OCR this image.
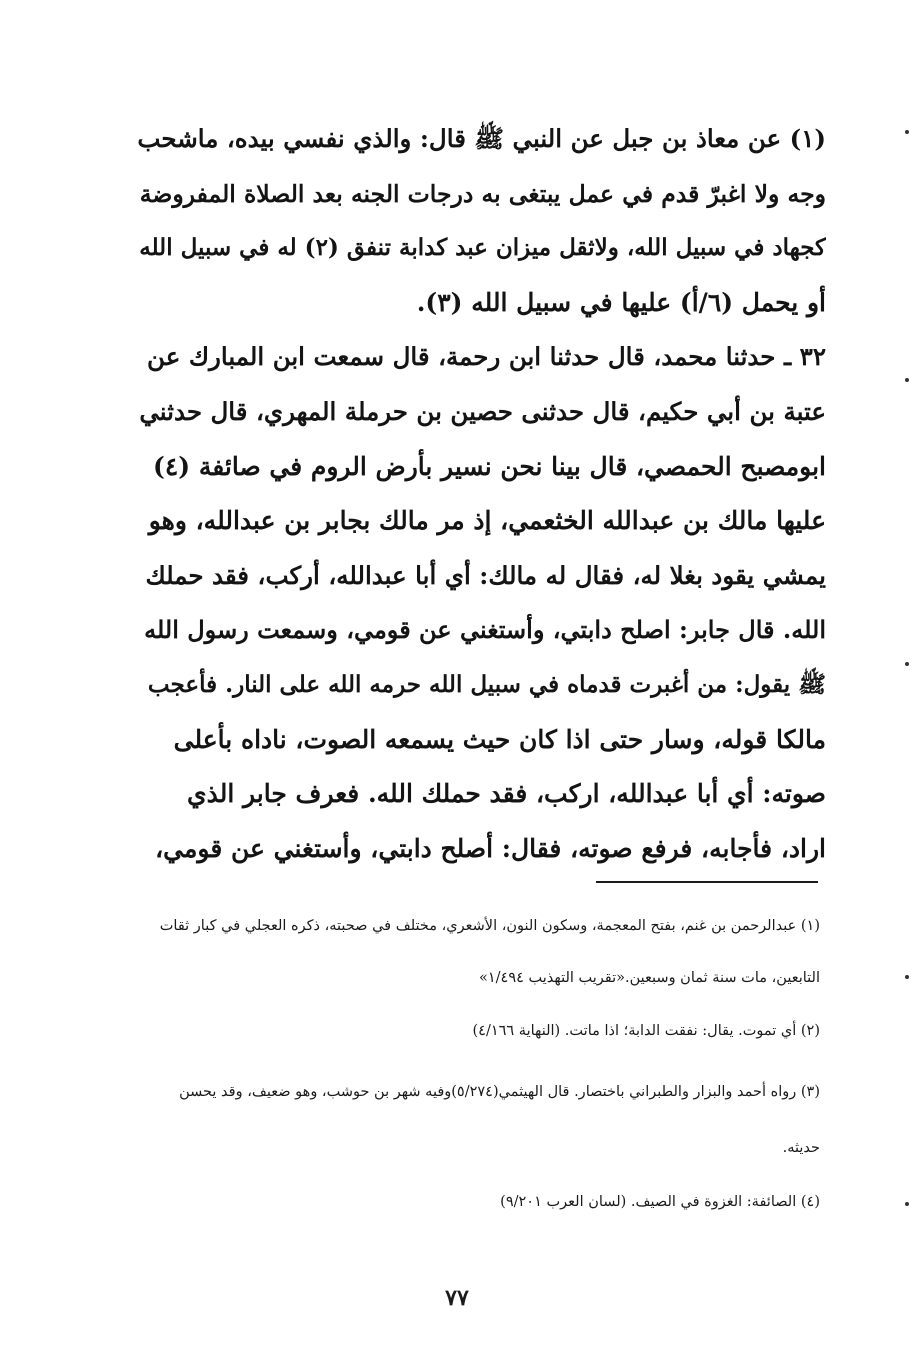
(١) عن معاذ بن جبل عن النبي ﷺ قال: والذي نفسي بيده، ماشحب
وجه ولا اغبرّ قدم في عمل يبتغى به درجات الجنه بعد الصلاة المفروضة
كجهاد في سبيل الله، ولاثقل ميزان عبد كدابة تنفق (٢) له في سبيل الله
أو يحمل (٦/أ) عليها في سبيل الله (٣).
٣٢ ـ حدثنا محمد، قال حدثنا ابن رحمة، قال سمعت ابن المبارك عن
عتبة بن أبي حكيم، قال حدثنى حصين بن حرملة المهري، قال حدثني
ابومصبح الحمصي، قال بينا نحن نسير بأرض الروم في صائفة (٤)
عليها مالك بن عبدالله الخثعمي، إذ مر مالك بجابر بن عبدالله، وهو
يمشي يقود بغلا له، فقال له مالك: أي أبا عبدالله، أركب، فقد حملك
الله. قال جابر: اصلح دابتي، وأستغني عن قومي، وسمعت رسول الله
ﷺ يقول: من أغبرت قدماه في سبيل الله حرمه الله على النار. فأعجب
مالكا قوله، وسار حتى اذا كان حيث يسمعه الصوت، ناداه بأعلى
صوته: أي أبا عبدالله، اركب، فقد حملك الله. فعرف جابر الذي
اراد، فأجابه، فرفع صوته، فقال: أصلح دابتي، وأستغني عن قومي،
(١) عبدالرحمن بن غنم، بفتح المعجمة، وسكون النون، الأشعري، مختلف في صحبته، ذكره العجلي في كبار ثقات
التابعين، مات سنة ثمان وسبعين.«تقريب التهذيب ١/٤٩٤»
(٢) أي تموت. يقال: نفقت الدابة؛ اذا ماتت. (النهاية ٤/١٦٦)
(٣) رواه أحمد والبزار والطبراني باختصار. قال الهيثمي(٥/٢٧٤)وفيه شهر بن حوشب، وهو ضعيف، وقد يحسن
حديثه.
(٤) الصائفة: الغزوة في الصيف. (لسان العرب ٩/٢٠١)
٧٧
